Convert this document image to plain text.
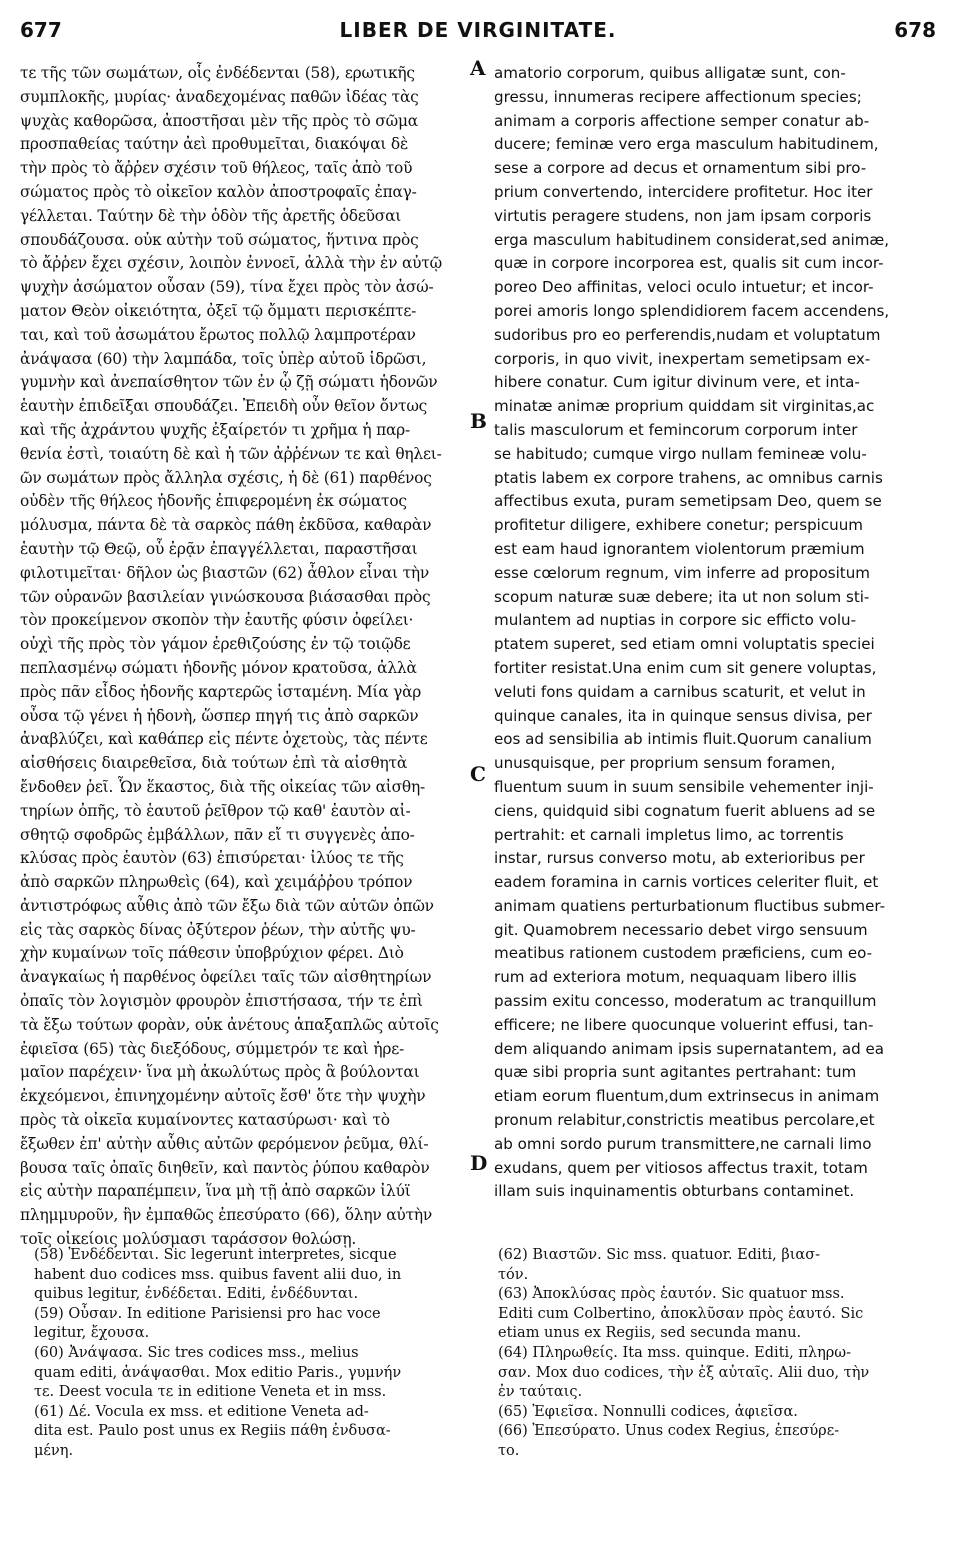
677	LIBER DE VIRGINITATE.	678
τε τῆς τῶν σωμάτων, οἷς ἐνδέδενται (58), ερωτικῆς
συμπλοκῆς, μυρίας· ἀναδεχομένας παθῶν ἰδέας τὰς
ψυχὰς καθορῶσα, ἀποστῆσαι μὲν τῆς πρὸς τὸ σῶμα
προσπαθείας ταύτην ἀεὶ προθυμεῖται, διακόψαι δὲ
τὴν πρὸς τὸ ἄῤῥεν σχέσιν τοῦ θήλεος, ταῖς ἀπὸ τοῦ
σώματος πρὸς τὸ οἰκεῖον καλὸν ἀποστροφαῖς ἐπαγ-
γέλλεται. Ταύτην δὲ τὴν ὁδὸν τῆς ἀρετῆς ὁδεῦσαι
σπουδάζουσα. οὐκ αὐτὴν τοῦ σώματος, ἥντινα πρὸς
τὸ ἄῤῥεν ἔχει σχέσιν, λοιπὸν ἐννοεῖ, ἀλλὰ τὴν ἐν αὐτῷ
ψυχὴν ἀσώματον οὖσαν (59), τίνα ἔχει πρὸς τὸν ἀσώ-
ματον Θεὸν οἰκειότητα, ὀξεῖ τῷ ὄμματι περισκέπτε-
ται, καὶ τοῦ ἀσωμάτου ἔρωτος πολλῷ λαμπροτέραν
ἀνάψασα (60) τὴν λαμπάδα, τοῖς ὑπὲρ αὐτοῦ ἱδρῶσι,
γυμνὴν καὶ ἀνεπαίσθητον τῶν ἐν ᾧ ζῇ σώματι ἡδονῶν
ἑαυτὴν ἐπιδεῖξαι σπουδάζει. Ἐπειδὴ οὖν θεῖον ὄντως
καὶ τῆς ἀχράντου ψυχῆς ἐξαίρετόν τι χρῆμα ἡ παρ-
θενία ἐστὶ, τοιαύτη δὲ καὶ ἡ τῶν ἀῤῥένων τε καὶ θηλει-
ῶν σωμάτων πρὸς ἄλληλα σχέσις, ἡ δὲ (61) παρθένος
οὐδὲν τῆς θήλεος ἡδονῆς ἐπιφερομένη ἐκ σώματος
μόλυσμα, πάντα δὲ τὰ σαρκὸς πάθη ἐκδῦσα, καθαρὰν
ἑαυτὴν τῷ Θεῷ, οὗ ἐρᾷν ἐπαγγέλλεται, παραστῆσαι
φιλοτιμεῖται· δῆλον ὡς βιαστῶν (62) ἆθλον εἶναι τὴν
τῶν οὐρανῶν βασιλείαν γινώσκουσα βιάσασθαι πρὸς
τὸν προκείμενον σκοπὸν τὴν ἑαυτῆς φύσιν ὀφείλει·
οὐχὶ τῆς πρὸς τὸν γάμον ἐρεθιζούσης ἐν τῷ τοιῷδε
πεπλασμένῳ σώματι ἡδονῆς μόνον κρατοῦσα, ἀλλὰ
πρὸς πᾶν εἶδος ἡδονῆς καρτερῶς ἱσταμένη. Μία γὰρ
οὖσα τῷ γένει ἡ ἡδονὴ, ὥσπερ πηγή τις ἀπὸ σαρκῶν
ἀναβλύζει, καὶ καθάπερ εἰς πέντε ὀχετοὺς, τὰς πέντε
αἰσθήσεις διαιρεθεῖσα, διὰ τούτων ἐπὶ τὰ αἰσθητὰ
ἔνδοθεν ῥεῖ. Ὧν ἕκαστος, διὰ τῆς οἰκείας τῶν αἰσθη-
τηρίων ὀπῆς, τὸ ἑαυτοῦ ῥεῖθρον τῷ καθ' ἑαυτὸν αἰ-
σθητῷ σφοδρῶς ἐμβάλλων, πᾶν εἴ τι συγγενὲς ἀπο-
κλύσας πρὸς ἑαυτὸν (63) ἐπισύρεται· ἰλύος τε τῆς
ἀπὸ σαρκῶν πληρωθεὶς (64), καὶ χειμάῤῥου τρόπον
ἀντιστρόφως αὖθις ἀπὸ τῶν ἔξω διὰ τῶν αὐτῶν ὀπῶν
εἰς τὰς σαρκὸς δίνας ὀξύτερον ῥέων, τὴν αὐτῆς ψυ-
χὴν κυμαίνων τοῖς πάθεσιν ὑποβρύχιον φέρει. Διὸ
ἀναγκαίως ἡ παρθένος ὀφείλει ταῖς τῶν αἰσθητηρίων
ὀπαῖς τὸν λογισμὸν φρουρὸν ἐπιστήσασα, τήν τε ἐπὶ
τὰ ἔξω τούτων φορὰν, οὐκ ἀνέτους ἁπαξαπλῶς αὐτοῖς
ἐφιεῖσα (65) τὰς διεξόδους, σύμμετρόν τε καὶ ἠρε-
μαῖον παρέχειν· ἵνα μὴ ἀκωλύτως πρὸς ἃ βούλονται
ἐκχεόμενοι, ἐπινηχομένην αὐτοῖς ἔσθ' ὅτε τὴν ψυχὴν
πρὸς τὰ οἰκεῖα κυμαίνοντες κατασύρωσι· καὶ τὸ
ἔξωθεν ἐπ' αὐτὴν αὖθις αὐτῶν φερόμενον ῥεῦμα, θλί-
βουσα ταῖς ὀπαῖς διηθεῖν, καὶ παντὸς ῥύπου καθαρὸν
εἰς αὐτὴν παραπέμπειν, ἵνα μὴ τῇ ἀπὸ σαρκῶν ἰλύϊ
πλημμυροῦν, ἣν ἐμπαθῶς ἐπεσύρατο (66), ὅλην αὐτὴν
τοῖς οἰκείοις μολύσμασι ταράσσον θολώσῃ.
amatorio corporum, quibus alligatæ sunt, con-
gressu, innumeras recipere affectionum species;
animam a corporis affectione semper conatur ab-
ducere; feminæ vero erga masculum habitudinem,
sese a corpore ad decus et ornamentum sibi pro-
prium convertendo, intercidere profitetur. Hoc iter
virtutis peragere studens, non jam ipsam corporis
erga masculum habitudinem considerat,sed animæ,
quæ in corpore incorporea est, qualis sit cum incor-
poreo Deo affinitas, veloci oculo intuetur; et incor-
porei amoris longo splendidiorem facem accendens,
sudoribus pro eo perferendis,nudam et voluptatum
corporis, in quo vivit, inexpertam semetipsam ex-
hibere conatur. Cum igitur divinum vere, et inta-
minatæ animæ proprium quiddam sit virginitas,ac
talis masculorum et femincorum corporum inter
se habitudo; cumque virgo nullam femineæ volu-
ptatis labem ex corpore trahens, ac omnibus carnis
affectibus exuta, puram semetipsam Deo, quem se
profitetur diligere, exhibere conetur; perspicuum
est eam haud ignorantem violentorum præmium
esse cœlorum regnum, vim inferre ad propositum
scopum naturæ suæ debere; ita ut non solum sti-
mulantem ad nuptias in corpore sic efficto volu-
ptatem superet, sed etiam omni voluptatis speciei
fortiter resistat.Una enim cum sit genere voluptas,
veluti fons quidam a carnibus scaturit, et velut in
quinque canales, ita in quinque sensus divisa, per
eos ad sensibilia ab intimis fluit.Quorum canalium
unusquisque, per proprium sensum foramen,
fluentum suum in suum sensibile vehementer inji-
ciens, quidquid sibi cognatum fuerit abluens ad se
pertrahit: et carnali impletus limo, ac torrentis
instar, rursus converso motu, ab exterioribus per
eadem foramina in carnis vortices celeriter fluit, et
animam quatiens perturbationum fluctibus submer-
git. Quamobrem necessario debet virgo sensuum
meatibus rationem custodem præficiens, cum eo-
rum ad exteriora motum, nequaquam libero illis
passim exitu concesso, moderatum ac tranquillum
efficere; ne libere quocunque voluerint effusi, tan-
dem aliquando animam ipsis supernatantem, ad ea
quæ sibi propria sunt agitantes pertrahant: tum
etiam eorum fluentum,dum extrinsecus in animam
pronum relabitur,constrictis meatibus percolare,et
ab omni sordo purum transmittere,ne carnali limo
exudans, quem per vitiosos affectus traxit, totam
illam suis inquinamentis obturbans contaminet.
A
B
C
D
(58) Ἐνδέδενται. Sic legerunt interpretes, sicque
habent duo codices mss. quibus favent alii duo, in
quibus legitur, ἐνδέδεται. Editi, ἐνδέδυνται.
(59) Οὖσαν. In editione Parisiensi pro hac voce
legitur, ἔχουσα.
(60) Ἀνάψασα. Sic tres codices mss., melius
quam editi, ἀνάψασθαι. Mox editio Paris., γυμνήν
τε. Deest vocula τε in editione Veneta et in mss.
(61) Δέ. Vocula ex mss. et editione Veneta ad-
dita est. Paulo post unus ex Regiis πάθη ἐνδυσα-
μένη.
(62) Βιαστῶν. Sic mss. quatuor. Editi, βιασ-
τόν.
(63) Ἀποκλύσας πρὸς ἑαυτόν. Sic quatuor mss.
Editi cum Colbertino, ἀποκλῦσαν πρὸς ἑαυτό. Sic
etiam unus ex Regiis, sed secunda manu.
(64) Πληρωθείς. Ita mss. quinque. Editi, πληρω-
σαν. Mox duo codices, τὴν ἐξ αὐταῖς. Alii duo, τὴν
ἐν ταύταις.
(65) Ἐφιεῖσα. Nonnulli codices, ἀφιεῖσα.
(66) Ἐπεσύρατο. Unus codex Regius, ἐπεσύρε-
το.
